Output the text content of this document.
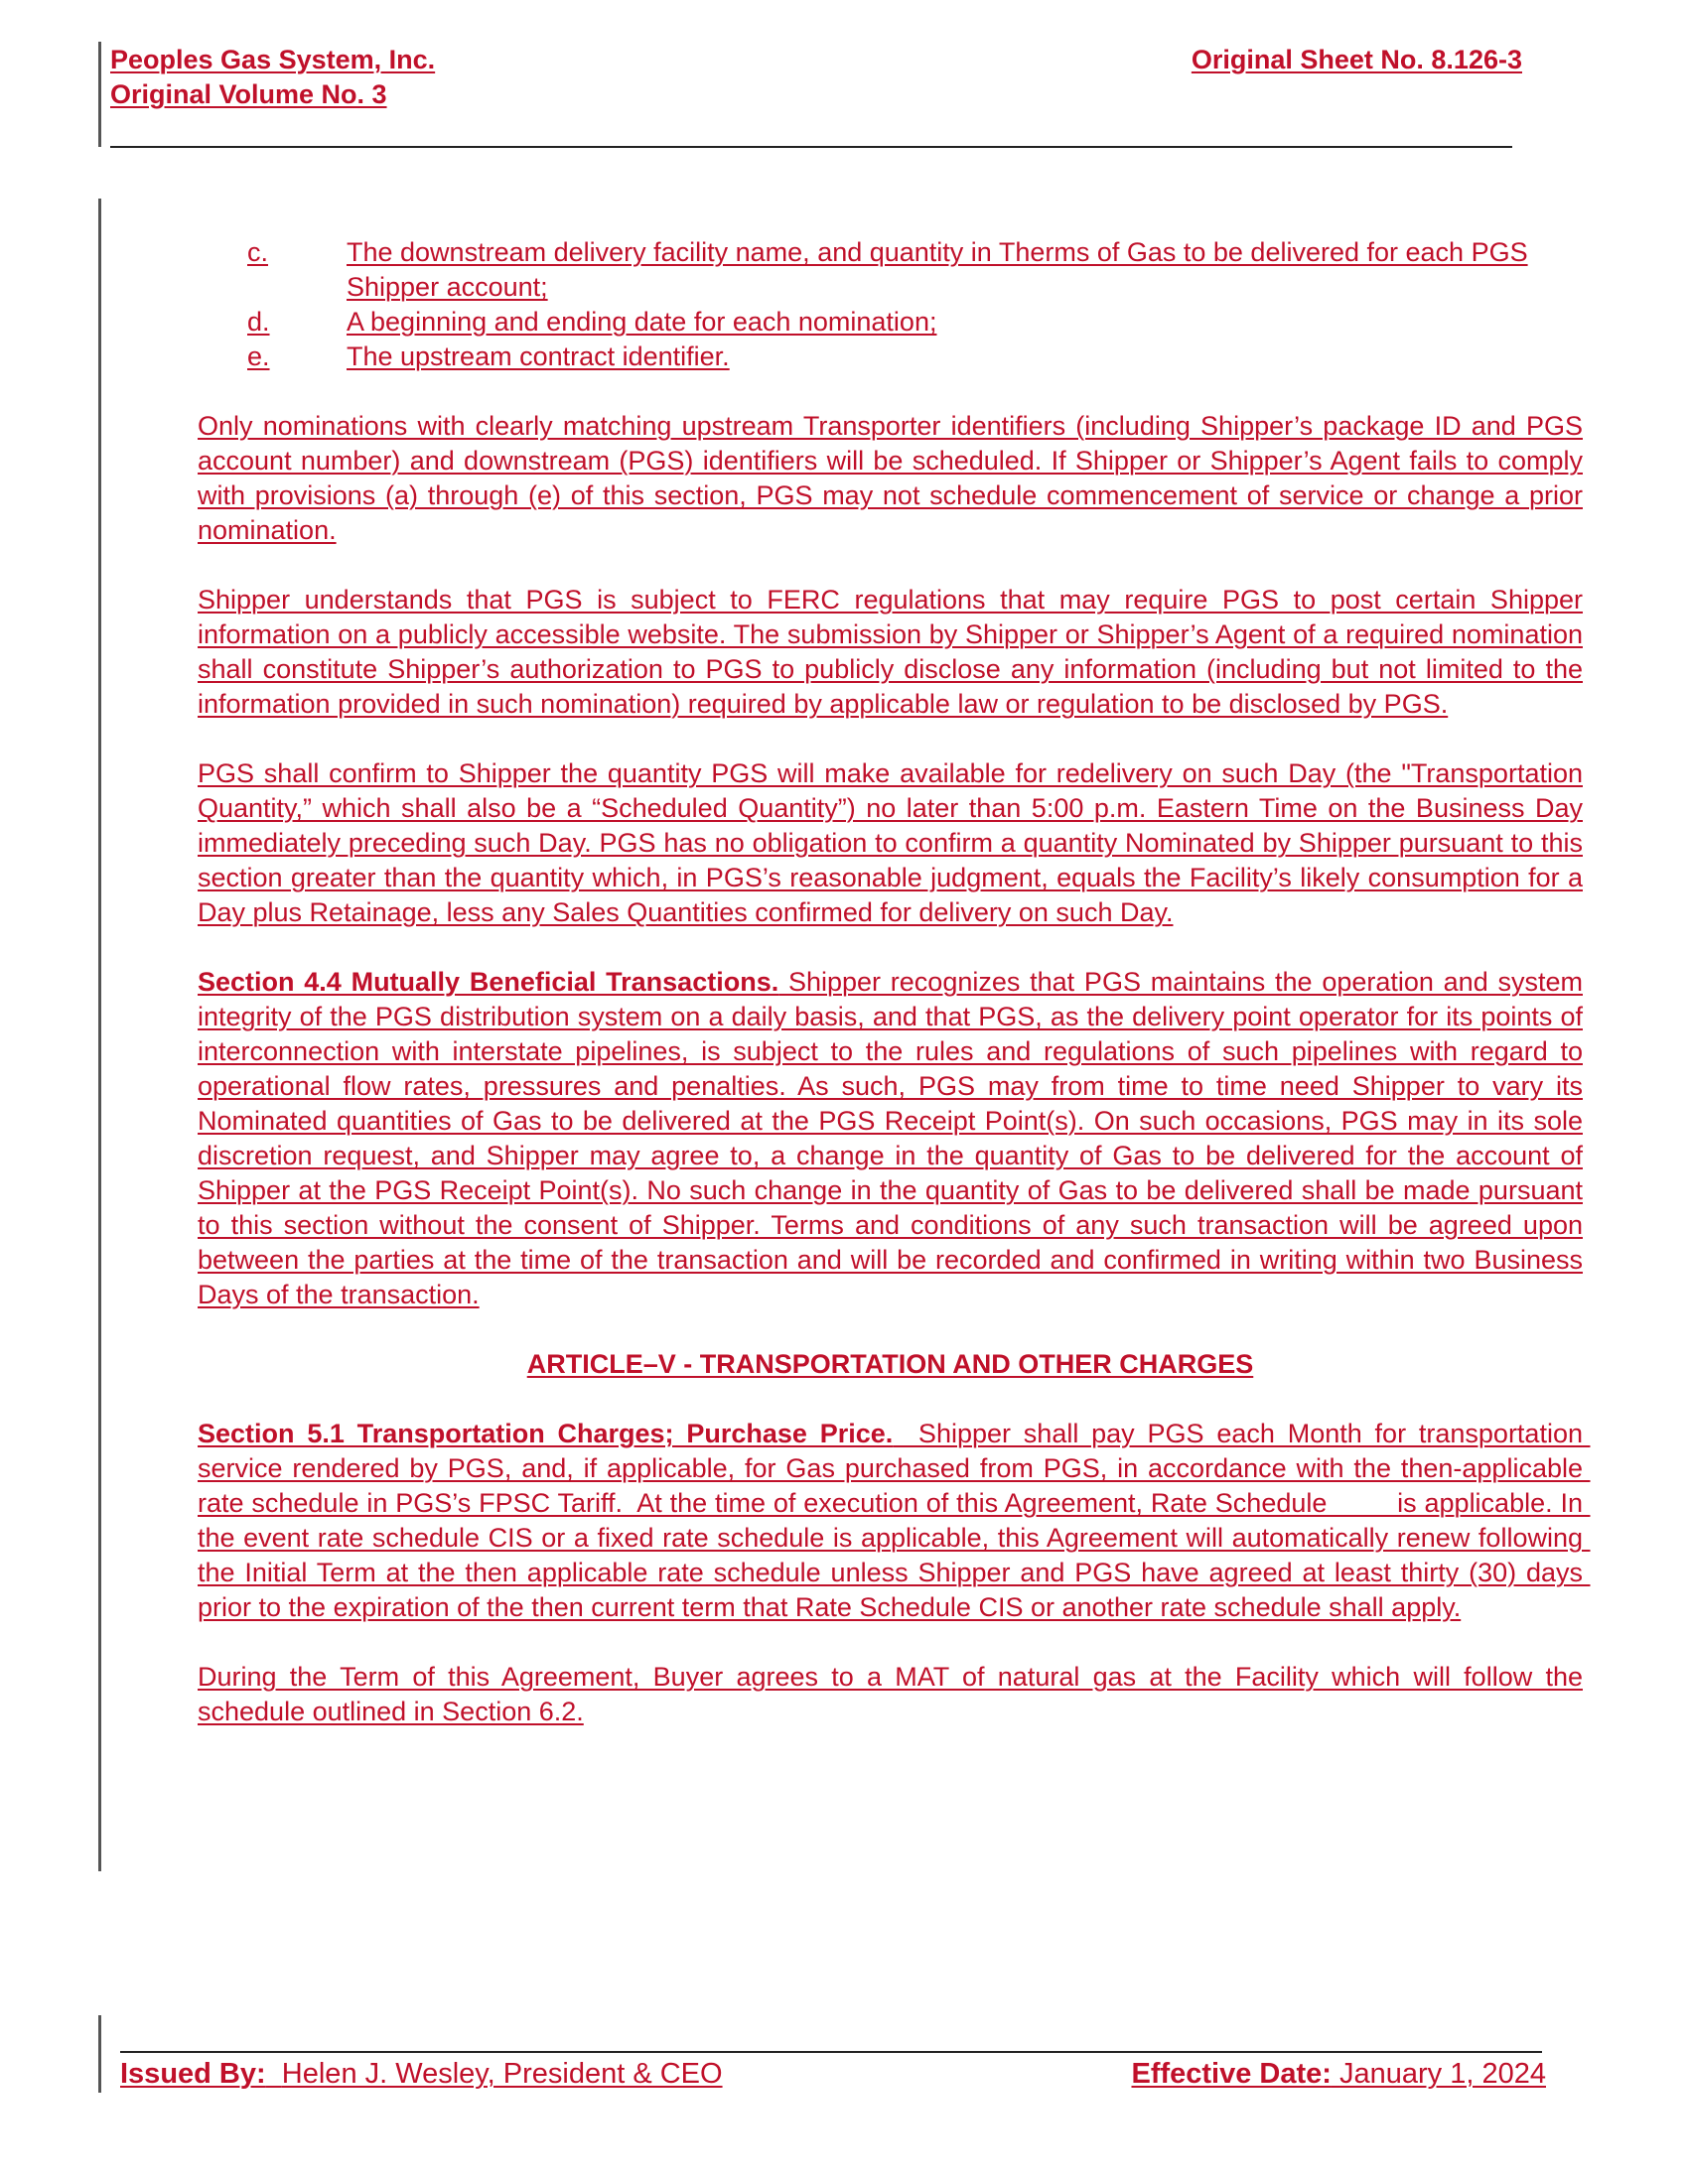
Peoples Gas System, Inc.	Original Sheet No. 8.126-3
Original Volume No. 3
c.	The downstream delivery facility name, and quantity in Therms of Gas to be delivered for each PGS Shipper account;
d.	A beginning and ending date for each nomination;
e.	The upstream contract identifier.

Only nominations with clearly matching upstream Transporter identifiers (including Shipper’s package ID and PGS account number) and downstream (PGS) identifiers will be scheduled. If Shipper or Shipper’s Agent fails to comply with provisions (a) through (e) of this section, PGS may not schedule commencement of service or change a prior nomination.

Shipper understands that PGS is subject to FERC regulations that may require PGS to post certain Shipper information on a publicly accessible website. The submission by Shipper or Shipper’s Agent of a required nomination shall constitute Shipper’s authorization to PGS to publicly disclose any information (including but not limited to the information provided in such nomination) required by applicable law or regulation to be disclosed by PGS.

PGS shall confirm to Shipper the quantity PGS will make available for redelivery on such Day (the "Transportation Quantity,” which shall also be a “Scheduled Quantity”) no later than 5:00 p.m. Eastern Time on the Business Day immediately preceding such Day. PGS has no obligation to confirm a quantity Nominated by Shipper pursuant to this section greater than the quantity which, in PGS’s reasonable judgment, equals the Facility’s likely consumption for a Day plus Retainage, less any Sales Quantities confirmed for delivery on such Day.

Section 4.4 Mutually Beneficial Transactions. Shipper recognizes that PGS maintains the operation and system integrity of the PGS distribution system on a daily basis, and that PGS, as the delivery point operator for its points of interconnection with interstate pipelines, is subject to the rules and regulations of such pipelines with regard to operational flow rates, pressures and penalties. As such, PGS may from time to time need Shipper to vary its Nominated quantities of Gas to be delivered at the PGS Receipt Point(s). On such occasions, PGS may in its sole discretion request, and Shipper may agree to, a change in the quantity of Gas to be delivered for the account of Shipper at the PGS Receipt Point(s). No such change in the quantity of Gas to be delivered shall be made pursuant to this section without the consent of Shipper. Terms and conditions of any such transaction will be agreed upon between the parties at the time of the transaction and will be recorded and confirmed in writing within two Business Days of the transaction.

ARTICLE–V - TRANSPORTATION AND OTHER CHARGES

Section 5.1 Transportation Charges; Purchase Price.  Shipper shall pay PGS each Month for transportation service rendered by PGS, and, if applicable, for Gas purchased from PGS, in accordance with the then-applicable rate schedule in PGS’s FPSC Tariff.  At the time of execution of this Agreement, Rate Schedule         is applicable. In the event rate schedule CIS or a fixed rate schedule is applicable, this Agreement will automatically renew following the Initial Term at the then applicable rate schedule unless Shipper and PGS have agreed at least thirty (30) days prior to the expiration of the then current term that Rate Schedule CIS or another rate schedule shall apply.

During the Term of this Agreement, Buyer agrees to a MAT of natural gas at the Facility which will follow the schedule outlined in Section 6.2.

Issued By: Helen J. Wesley, President & CEO	Effective Date: January 1, 2024
